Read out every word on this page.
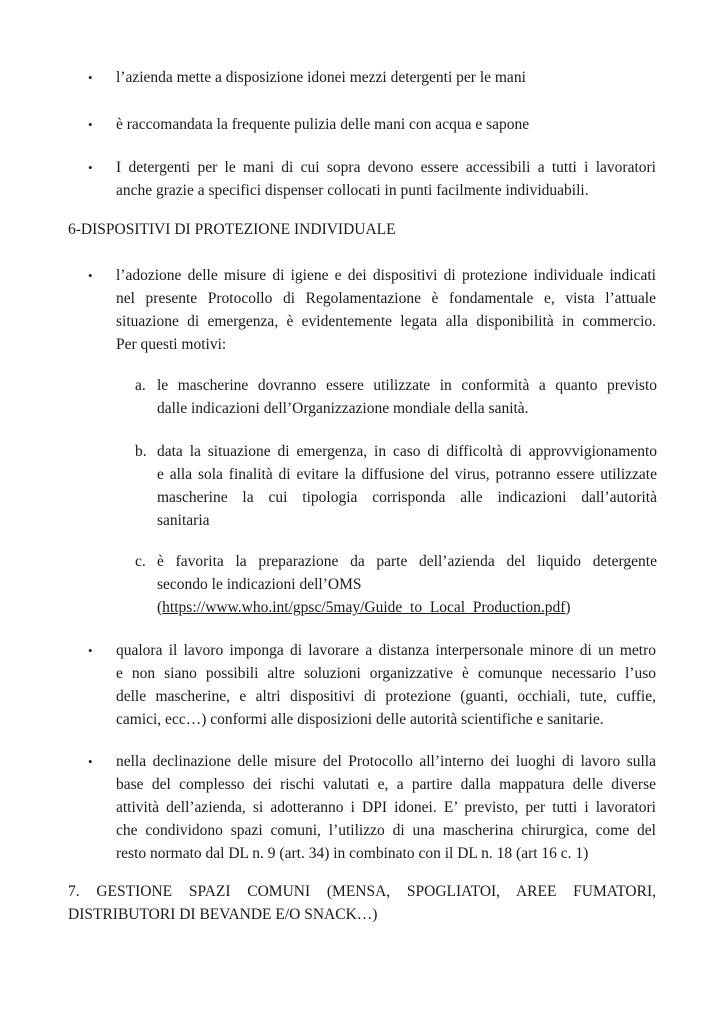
• l’azienda mette a disposizione idonei mezzi detergenti per le mani
• è raccomandata la frequente pulizia delle mani con acqua e sapone
• I detergenti per le mani di cui sopra devono essere accessibili a tutti i lavoratori
anche grazie a specifici dispenser collocati in punti facilmente individuabili.
6-DISPOSITIVI DI PROTEZIONE INDIVIDUALE
• l’adozione delle misure di igiene e dei dispositivi di protezione individuale indicati
nel presente Protocollo di Regolamentazione è fondamentale e, vista l’attuale
situazione di emergenza, è evidentemente legata alla disponibilità in commercio.
Per questi motivi:
a. le mascherine dovranno essere utilizzate in conformità a quanto previsto
dalle indicazioni dell’Organizzazione mondiale della sanità.
b. data la situazione di emergenza, in caso di difficoltà di approvvigionamento
e alla sola finalità di evitare la diffusione del virus, potranno essere utilizzate
mascherine la cui tipologia corrisponda alle indicazioni dall’autorità
sanitaria
c. è favorita la preparazione da parte dell’azienda del liquido detergente
secondo le indicazioni dell’OMS
(https://www.who.int/gpsc/5may/Guide_to_Local_Production.pdf)
• qualora il lavoro imponga di lavorare a distanza interpersonale minore di un metro
e non siano possibili altre soluzioni organizzative è comunque necessario l’uso
delle mascherine, e altri dispositivi di protezione (guanti, occhiali, tute, cuffie,
camici, ecc…) conformi alle disposizioni delle autorità scientifiche e sanitarie.
• nella declinazione delle misure del Protocollo all’interno dei luoghi di lavoro sulla
base del complesso dei rischi valutati e, a partire dalla mappatura delle diverse
attività dell’azienda, si adotteranno i DPI idonei. E’ previsto, per tutti i lavoratori
che condividono spazi comuni, l’utilizzo di una mascherina chirurgica, come del
resto normato dal DL n. 9 (art. 34) in combinato con il DL n. 18 (art 16 c. 1)
7. GESTIONE SPAZI COMUNI (MENSA, SPOGLIATOI, AREE FUMATORI,
DISTRIBUTORI DI BEVANDE E/O SNACK…)
